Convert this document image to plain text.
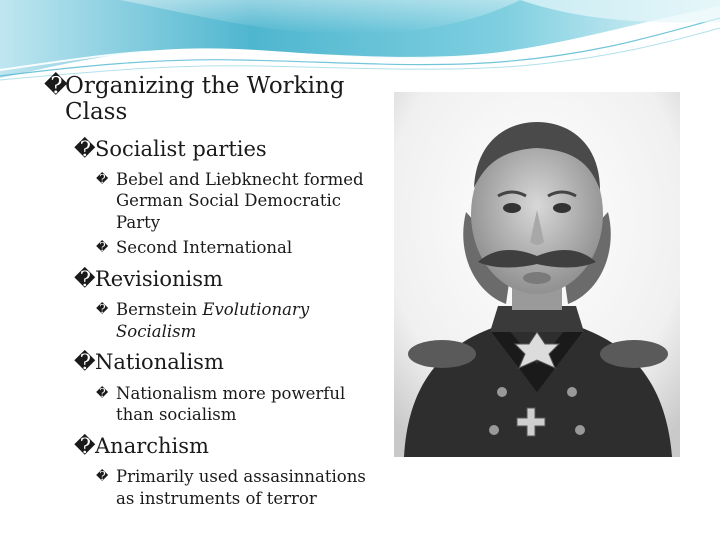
�
Organizing the Working
Class
� Socialist parties
� Bebel and Liebknecht formed German Social Democratic Party
� Second International
� Revisionism
� Bernstein Evolutionary Socialism
� Nationalism
� Nationalism more powerful than socialism
� Anarchism
� Primarily used assasinnations as instruments of terror
